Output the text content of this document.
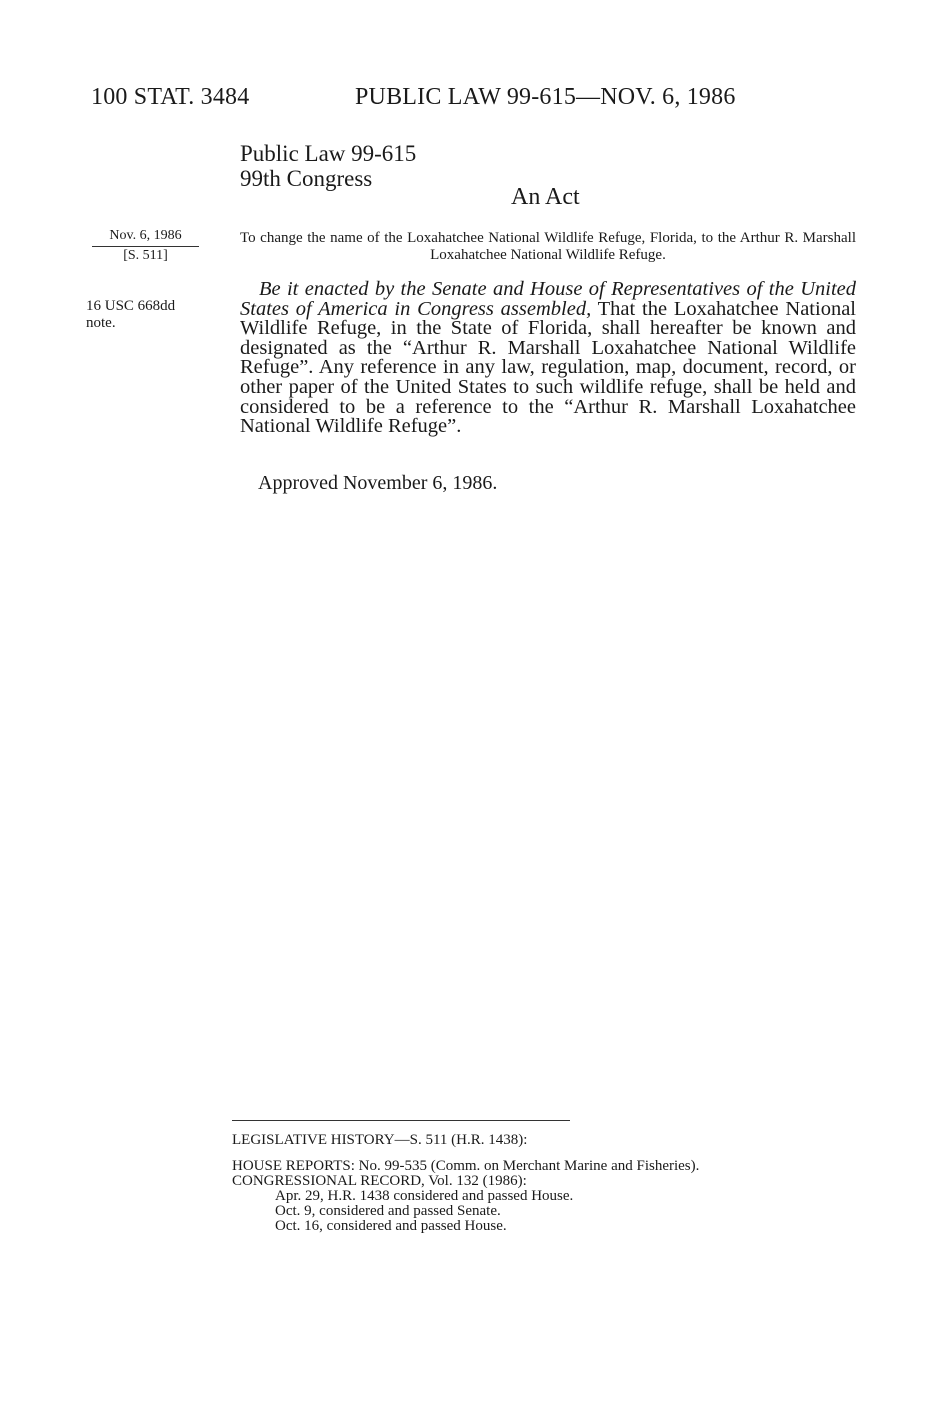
100 STAT. 3484	PUBLIC LAW 99-615—NOV. 6, 1986
Public Law 99-615
99th Congress
An Act
Nov. 6, 1986
[S. 511]
16 USC 668dd
note.
To change the name of the Loxahatchee National Wildlife Refuge, Florida, to the Arthur R. Marshall Loxahatchee National Wildlife Refuge.
Be it enacted by the Senate and House of Representatives of the United States of America in Congress assembled, That the Loxahatchee National Wildlife Refuge, in the State of Florida, shall hereafter be known and designated as the “Arthur R. Marshall Loxahatchee National Wildlife Refuge”. Any reference in any law, regulation, map, document, record, or other paper of the United States to such wildlife refuge, shall be held and considered to be a reference to the “Arthur R. Marshall Loxahatchee National Wildlife Refuge”.
Approved November 6, 1986.
LEGISLATIVE HISTORY—S. 511 (H.R. 1438):
HOUSE REPORTS: No. 99-535 (Comm. on Merchant Marine and Fisheries).
CONGRESSIONAL RECORD, Vol. 132 (1986):
Apr. 29, H.R. 1438 considered and passed House.
Oct. 9, considered and passed Senate.
Oct. 16, considered and passed House.
